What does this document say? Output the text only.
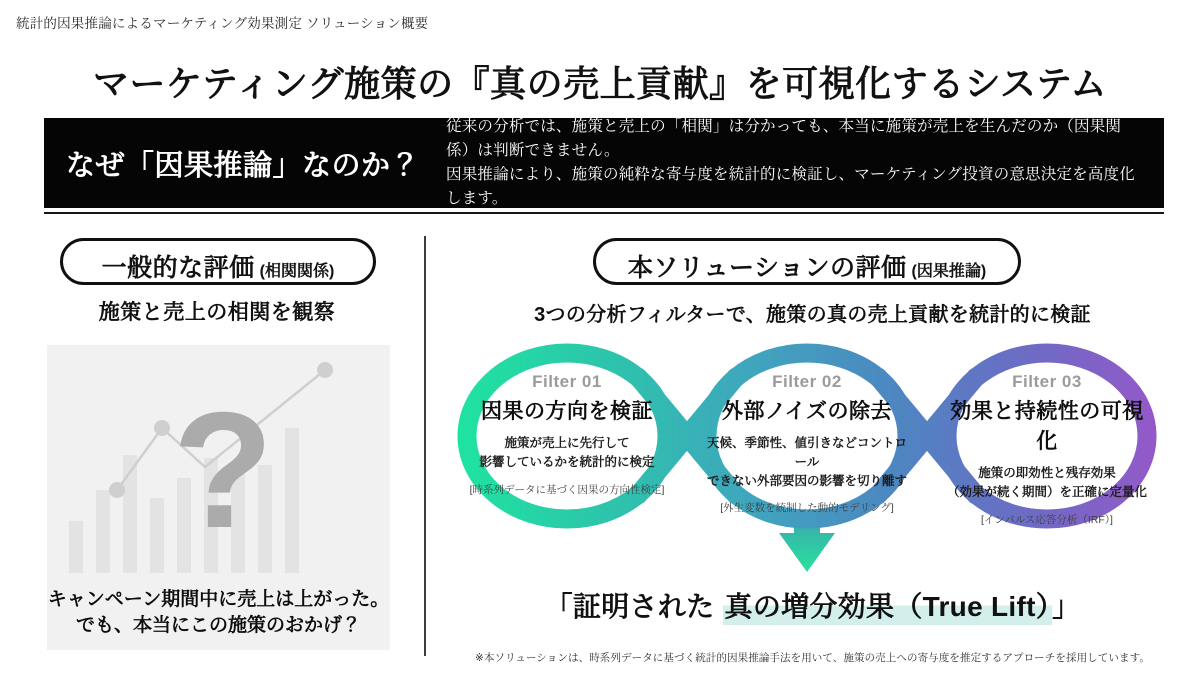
統計的因果推論によるマーケティング効果測定 ソリューション概要
マーケティング施策の『真の売上貢献』を可視化するシステム
なぜ「因果推論」なのか？
従来の分析では、施策と売上の「相関」は分かっても、本当に施策が売上を生んだのか（因果関係）は判断できません。
因果推論により、施策の純粋な寄与度を統計的に検証し、マーケティング投資の意思決定を高度化します。
一般的な評価 (相関関係)
施策と売上の相関を観察
?
キャンペーン期間中に売上は上がった。
でも、本当にこの施策のおかげ？
本ソリューションの評価 (因果推論)
3つの分析フィルターで、施策の真の売上貢献を統計的に検証
Filter 01
因果の方向を検証
施策が売上に先行して
影響しているかを統計的に検定
[時系列データに基づく因果の方向性検定]
Filter 02
外部ノイズの除去
天候、季節性、値引きなどコントロール
できない外部要因の影響を切り離す
[外生変数を統制した動的モデリング]
Filter 03
効果と持続性の可視化
施策の即効性と残存効果
（効果が続く期間）を正確に定量化
[インパルス応答分析（IRF）]
「証明された 真の増分効果（True Lift）」
※本ソリューションは、時系列データに基づく統計的因果推論手法を用いて、施策の売上への寄与度を推定するアプローチを採用しています。
